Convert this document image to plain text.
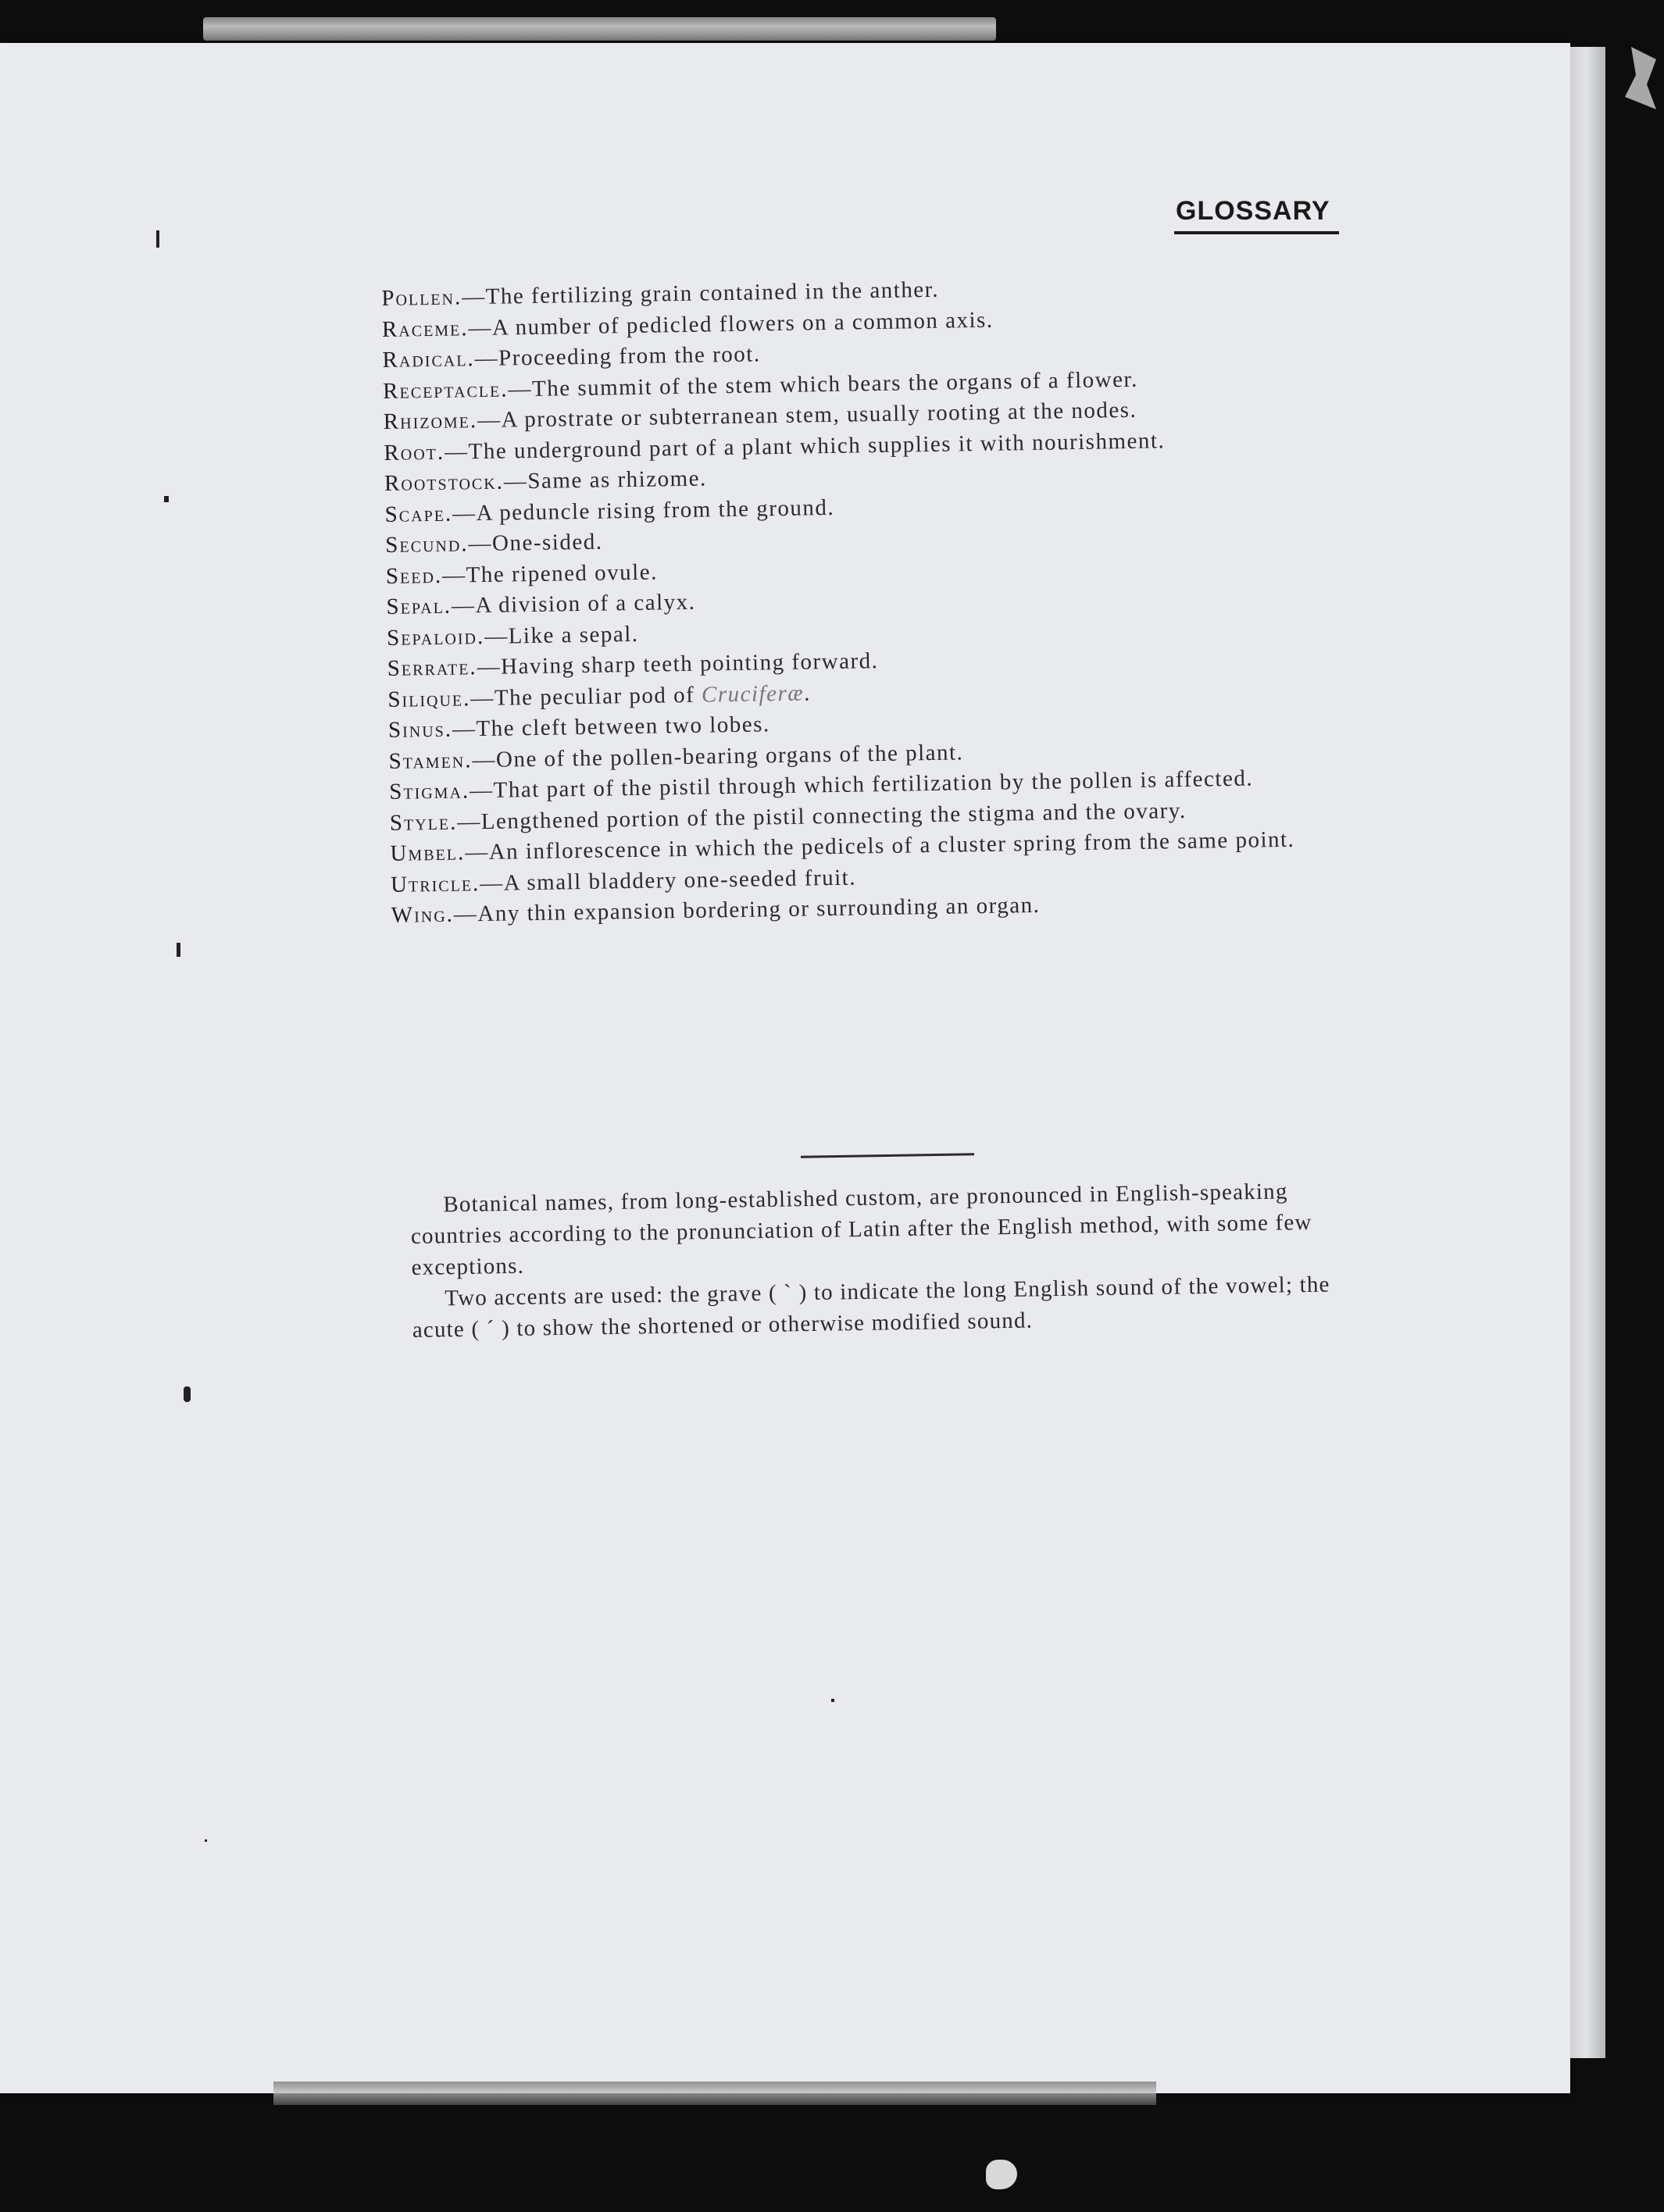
GLOSSARY
Pollen.—The fertilizing grain contained in the anther.
Raceme.—A number of pedicled flowers on a common axis.
Radical.—Proceeding from the root.
Receptacle.—The summit of the stem which bears the organs of a flower.
Rhizome.—A prostrate or subterranean stem, usually rooting at the nodes.
Root.—The underground part of a plant which supplies it with nourishment.
Rootstock.—Same as rhizome.
Scape.—A peduncle rising from the ground.
Secund.—One-sided.
Seed.—The ripened ovule.
Sepal.—A division of a calyx.
Sepaloid.—Like a sepal.
Serrate.—Having sharp teeth pointing forward.
Silique.—The peculiar pod of Cruciferæ.
Sinus.—The cleft between two lobes.
Stamen.—One of the pollen-bearing organs of the plant.
Stigma.—That part of the pistil through which fertilization by the pollen is affected.
Style.—Lengthened portion of the pistil connecting the stigma and the ovary.
Umbel.—An inflorescence in which the pedicels of a cluster spring from the same point.
Utricle.—A small bladdery one-seeded fruit.
Wing.—Any thin expansion bordering or surrounding an organ.

Botanical names, from long-established custom, are pronounced in English-speaking countries according to the pronunciation of Latin after the English method, with some few exceptions.

Two accents are used: the grave ( ` ) to indicate the long English sound of the vowel; the acute ( ´ ) to show the shortened or otherwise modified sound.
